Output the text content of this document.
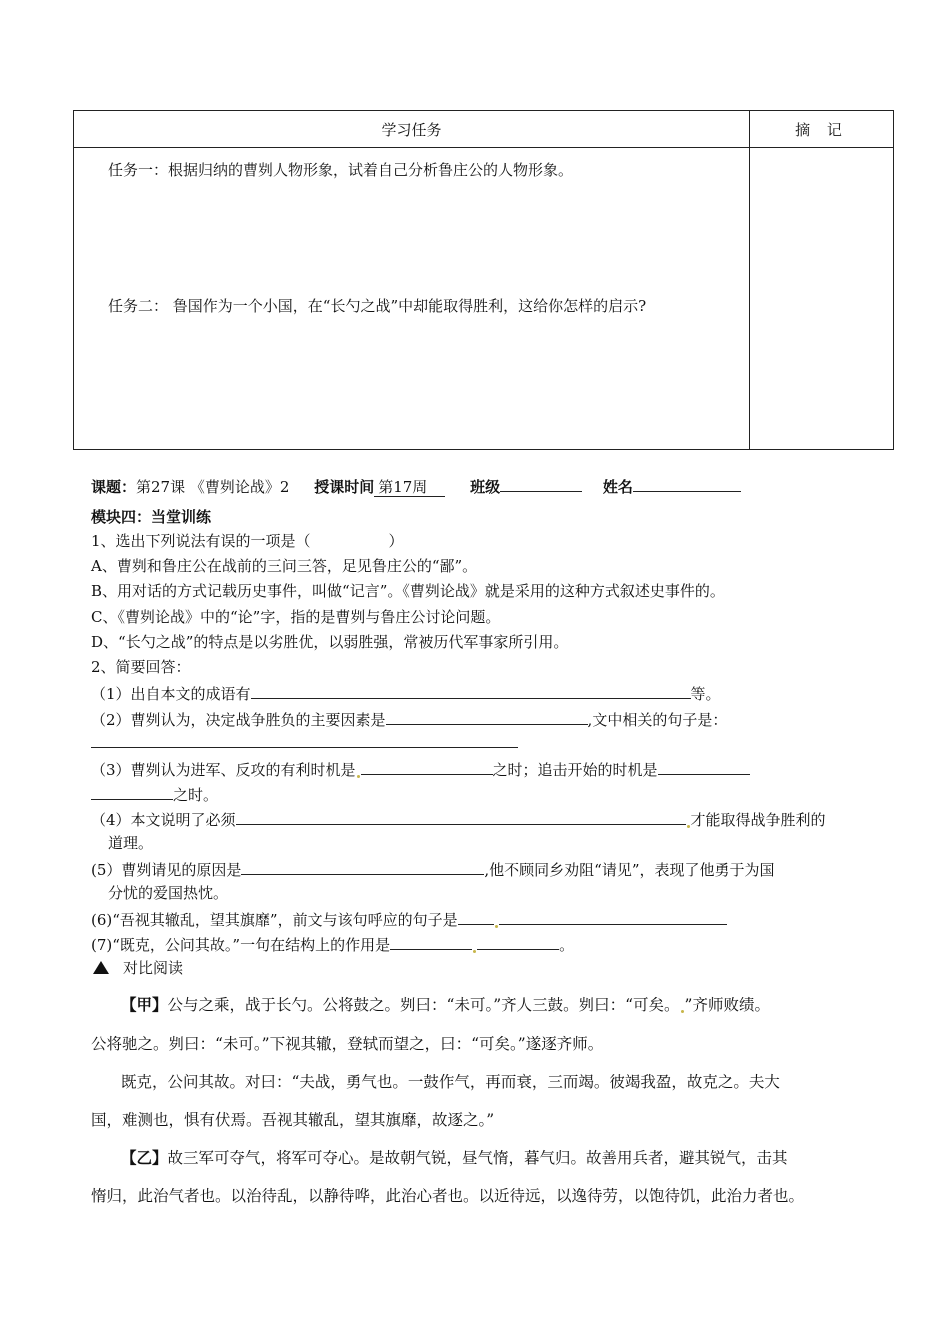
学习任务	摘 记
任务一：根据归纳的曹刿人物形象，试着自己分析鲁庄公的人物形象。
任务二： 鲁国作为一个小国，在“长勺之战”中却能取得胜利，这给你怎样的启示?
课题：第27课 《曹刿论战》2 授课时间 第17周	班级	姓名
模块四：当堂训练
1、选出下列说法有误的一项是（	）
A、曹刿和鲁庄公在战前的三问三答，足见鲁庄公的“鄙”。
B、用对话的方式记载历史事件，叫做“记言”。《曹刿论战》就是采用的这种方式叙述史事件的。
C、《曹刿论战》中的“论”字，指的是曹刿与鲁庄公讨论问题。
D、“长勺之战”的特点是以劣胜优，以弱胜强，常被历代军事家所引用。
2、简要回答：
（1）出自本文的成语有	等。
（2）曹刿认为，决定战争胜负的主要因素是	,文中相关的句子是：
（3）曹刿认为进军、反攻的有利时机是	之时；追击开始的时机是
之时。
（4）本文说明了必须	才能取得战争胜利的
道理。
(5）曹刿请见的原因是	,他不顾同乡劝阻“请见”，表现了他勇于为国
分忧的爱国热忱。
(6)“吾视其辙乱，望其旗靡”，前文与该句呼应的句子是
(7)“既克，公问其故。”一句在结构上的作用是	。
对比阅读
【甲】公与之乘，战于长勺。公将鼓之。刿曰：“未可。”齐人三鼓。刿曰：“可矣。 ”齐师败绩。
公将驰之。刿曰：“未可。”下视其辙，登轼而望之，曰：“可矣。”遂逐齐师。
既克，公问其故。对曰：“夫战，勇气也。一鼓作气，再而衰，三而竭。彼竭我盈，故克之。夫大
国，难测也，惧有伏焉。吾视其辙乱，望其旗靡，故逐之。”
【乙】故三军可夺气，将军可夺心。是故朝气锐，昼气惰，暮气归。故善用兵者，避其锐气，击其
惰归，此治气者也。以治待乱，以静待哗，此治心者也。以近待远，以逸待劳，以饱待饥，此治力者也。
